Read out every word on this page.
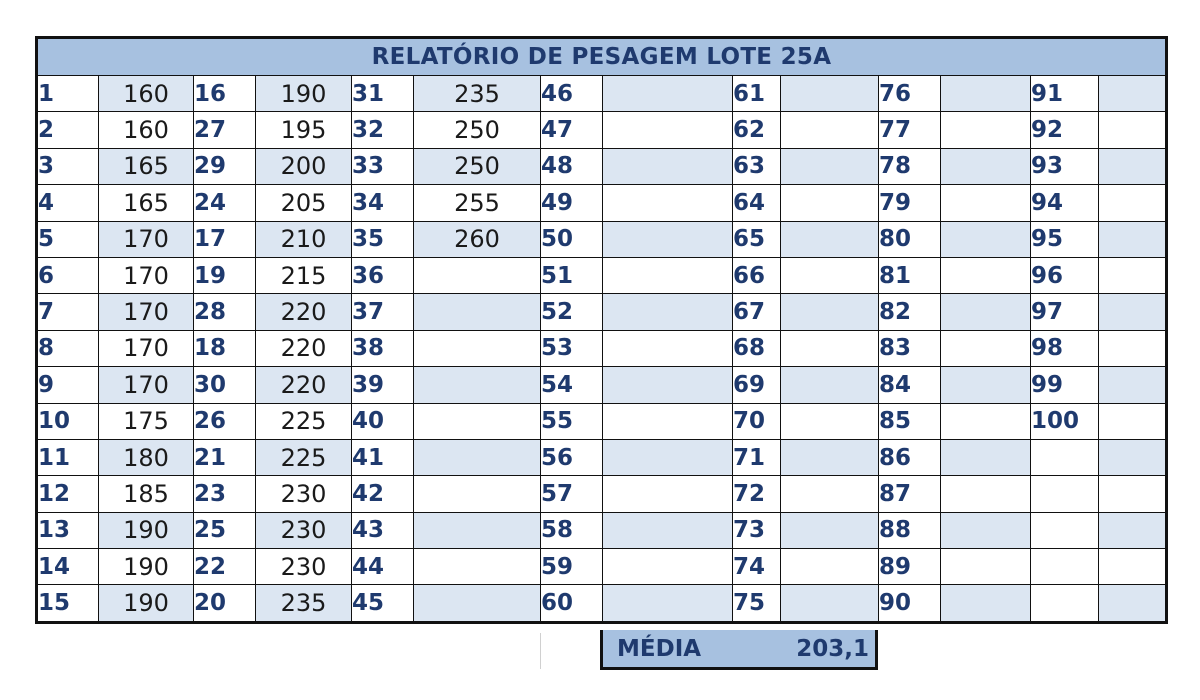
RELATÓRIO DE PESAGEM LOTE 25A													
1	160	16	190	31	235	46		61		76		91	
2	160	27	195	32	250	47		62		77		92	
3	165	29	200	33	250	48		63		78		93	
4	165	24	205	34	255	49		64		79		94	
5	170	17	210	35	260	50		65		80		95	
6	170	19	215	36		51		66		81		96	
7	170	28	220	37		52		67		82		97	
8	170	18	220	38		53		68		83		98	
9	170	30	220	39		54		69		84		99	
10	175	26	225	40		55		70		85		100	
11	180	21	225	41		56		71		86			
12	185	23	230	42		57		72		87			
13	190	25	230	43		58		73		88			
14	190	22	230	44		59		74		89			
15	190	20	235	45		60		75		90			
MÉDIA	203,1
